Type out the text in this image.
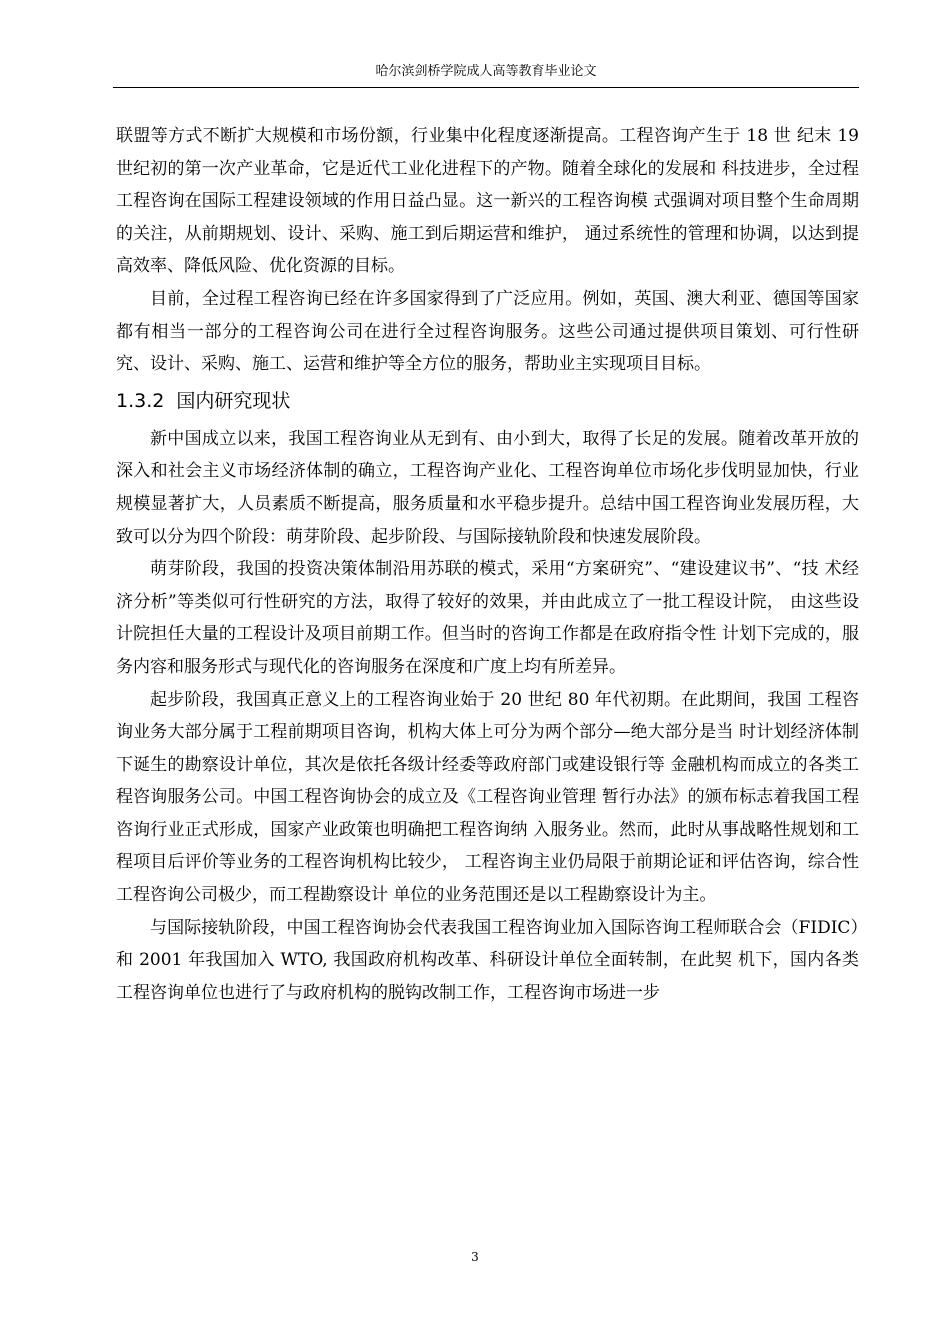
哈尔滨剑桥学院成人高等教育毕业论文

联盟等方式不断扩大规模和市场份额，行业集中化程度逐渐提高。工程咨询产生于 18 世 纪末 19 世纪初的第一次产业革命，它是近代工业化进程下的产物。随着全球化的发展和 科技进步，全过程工程咨询在国际工程建设领域的作用日益凸显。这一新兴的工程咨询模 式强调对项目整个生命周期的关注，从前期规划、设计、采购、施工到后期运营和维护， 通过系统性的管理和协调，以达到提高效率、降低风险、优化资源的目标。

目前，全过程工程咨询已经在许多国家得到了广泛应用。例如，英国、澳大利亚、德国等国家都有相当一部分的工程咨询公司在进行全过程咨询服务。这些公司通过提供项目策划、可行性研究、设计、采购、施工、运营和维护等全方位的服务，帮助业主实现项目目标。

1.3.2 国内研究现状

新中国成立以来，我国工程咨询业从无到有、由小到大，取得了长足的发展。随着改革开放的深入和社会主义市场经济体制的确立，工程咨询产业化、工程咨询单位市场化步伐明显加快，行业规模显著扩大，人员素质不断提高，服务质量和水平稳步提升。总结中国工程咨询业发展历程，大致可以分为四个阶段：萌芽阶段、起步阶段、与国际接轨阶段和快速发展阶段。

萌芽阶段，我国的投资决策体制沿用苏联的模式，采用“方案研究”、“建设建议书”、“技 术经济分析”等类似可行性研究的方法，取得了较好的效果，并由此成立了一批工程设计院， 由这些设计院担任大量的工程设计及项目前期工作。但当时的咨询工作都是在政府指令性 计划下完成的，服务内容和服务形式与现代化的咨询服务在深度和广度上均有所差异。

起步阶段，我国真正意义上的工程咨询业始于 20 世纪 80 年代初期。在此期间，我国 工程咨询业务大部分属于工程前期项目咨询，机构大体上可分为两个部分—绝大部分是当 时计划经济体制下诞生的勘察设计单位，其次是依托各级计经委等政府部门或建设银行等 金融机构而成立的各类工程咨询服务公司。中国工程咨询协会的成立及《工程咨询业管理 暂行办法》的颁布标志着我国工程咨询行业正式形成，国家产业政策也明确把工程咨询纳 入服务业。然而，此时从事战略性规划和工程项目后评价等业务的工程咨询机构比较少， 工程咨询主业仍局限于前期论证和评估咨询，综合性工程咨询公司极少，而工程勘察设计 单位的业务范围还是以工程勘察设计为主。

与国际接轨阶段，中国工程咨询协会代表我国工程咨询业加入国际咨询工程师联合会（FIDIC）和 2001 年我国加入 WTO, 我国政府机构改革、科研设计单位全面转制，在此契 机下，国内各类工程咨询单位也进行了与政府机构的脱钩改制工作，工程咨询市场进一步

3
